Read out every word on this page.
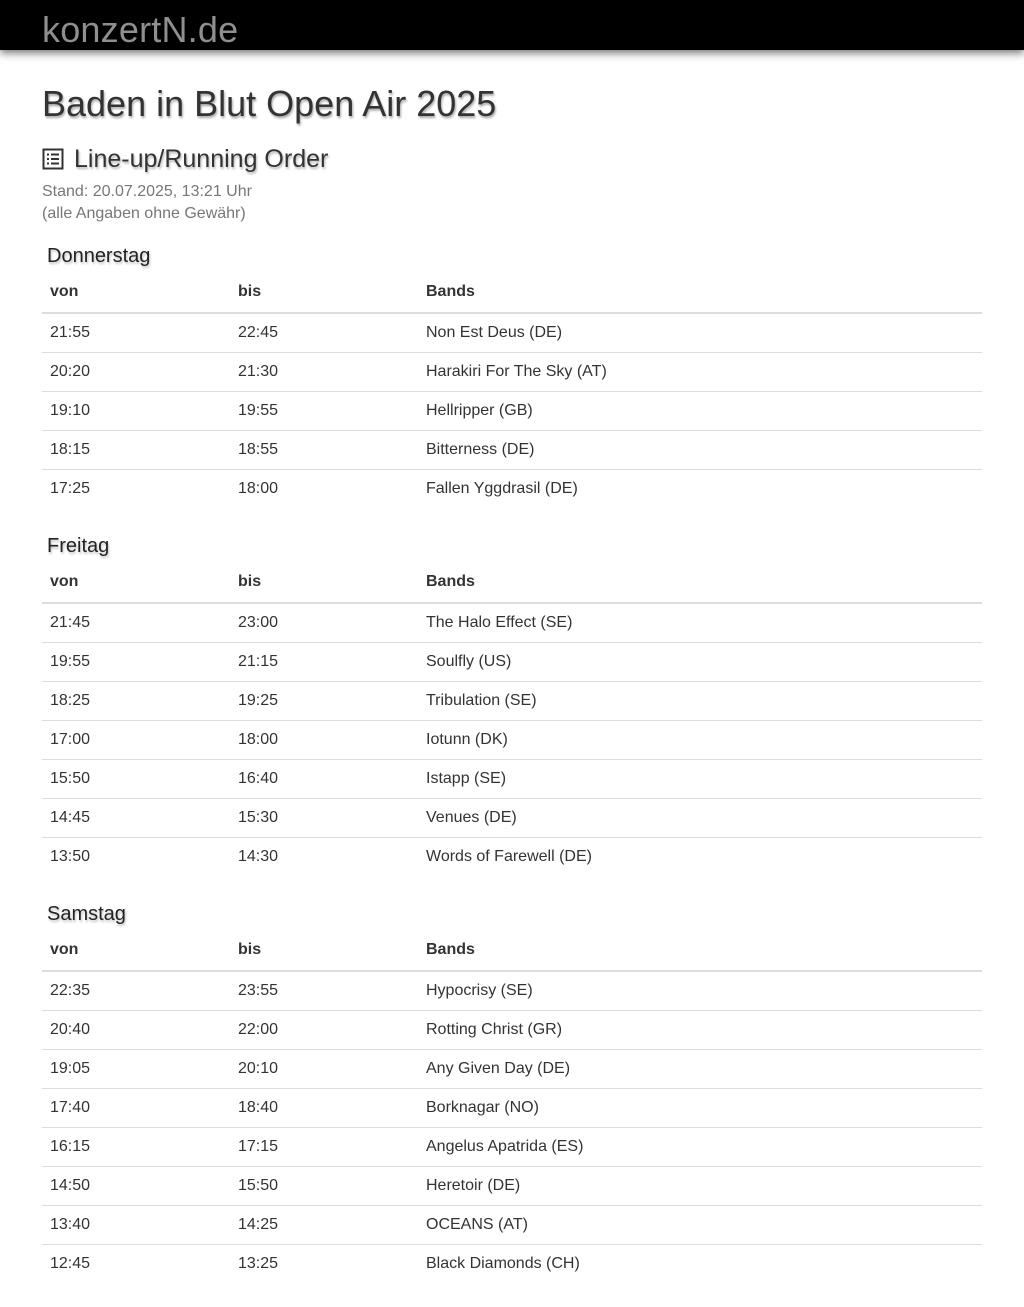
konzertN.de
Baden in Blut Open Air 2025
Line-up/Running Order
Stand: 20.07.2025, 13:21 Uhr
(alle Angaben ohne Gewähr)
Donnerstag
von	bis	Bands
21:55	22:45	Non Est Deus (DE)
20:20	21:30	Harakiri For The Sky (AT)
19:10	19:55	Hellripper (GB)
18:15	18:55	Bitterness (DE)
17:25	18:00	Fallen Yggdrasil (DE)
Freitag
von	bis	Bands
21:45	23:00	The Halo Effect (SE)
19:55	21:15	Soulfly (US)
18:25	19:25	Tribulation (SE)
17:00	18:00	Iotunn (DK)
15:50	16:40	Istapp (SE)
14:45	15:30	Venues (DE)
13:50	14:30	Words of Farewell (DE)
Samstag
von	bis	Bands
22:35	23:55	Hypocrisy (SE)
20:40	22:00	Rotting Christ (GR)
19:05	20:10	Any Given Day (DE)
17:40	18:40	Borknagar (NO)
16:15	17:15	Angelus Apatrida (ES)
14:50	15:50	Heretoir (DE)
13:40	14:25	OCEANS (AT)
12:45	13:25	Black Diamonds (CH)
